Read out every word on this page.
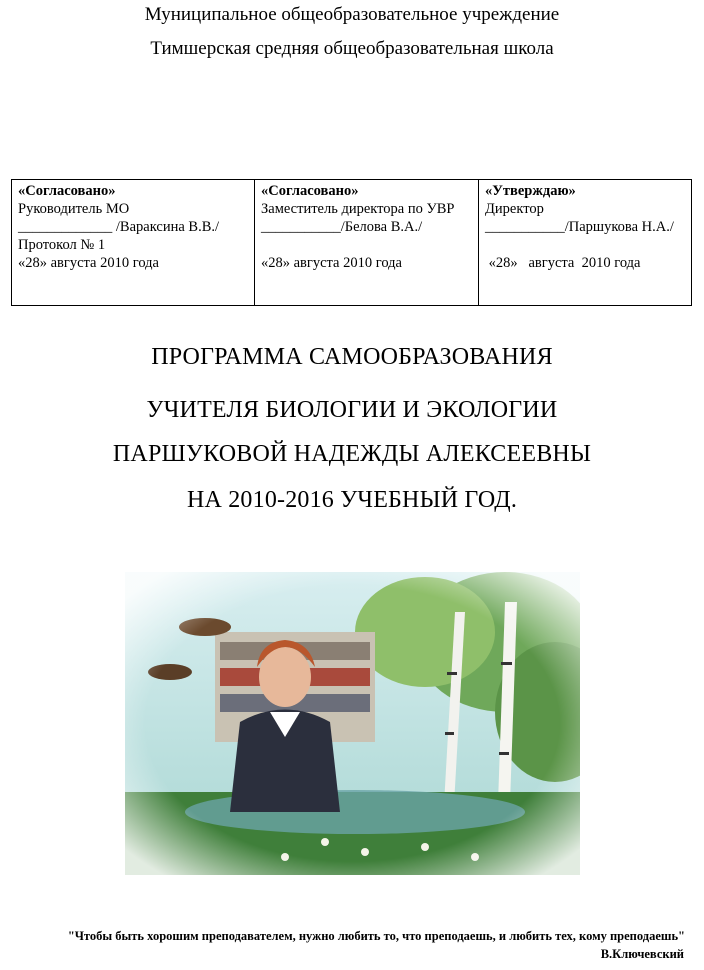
Муниципальное общеобразовательное учреждение
Тимшерская средняя общеобразовательная школа
«Согласовано»
Руководитель МО
_____________ /Вараксина В.В./
Протокол № 1
«28» августа 2010 года

«Согласовано»
Заместитель директора по УВР
___________/Белова В.А./
«28» августа 2010 года

«Утверждаю»
Директор
___________/Паршукова Н.А./
«28»   августа  2010 года
ПРОГРАММА САМООБРАЗОВАНИЯ
УЧИТЕЛЯ БИОЛОГИИ И ЭКОЛОГИИ
ПАРШУКОВОЙ НАДЕЖДЫ АЛЕКСЕЕВНЫ
НА 2010-2016 УЧЕБНЫЙ ГОД.
"Чтобы быть хорошим преподавателем, нужно любить то, что преподаешь, и любить тех, кому преподаешь"
В.Ключевский
